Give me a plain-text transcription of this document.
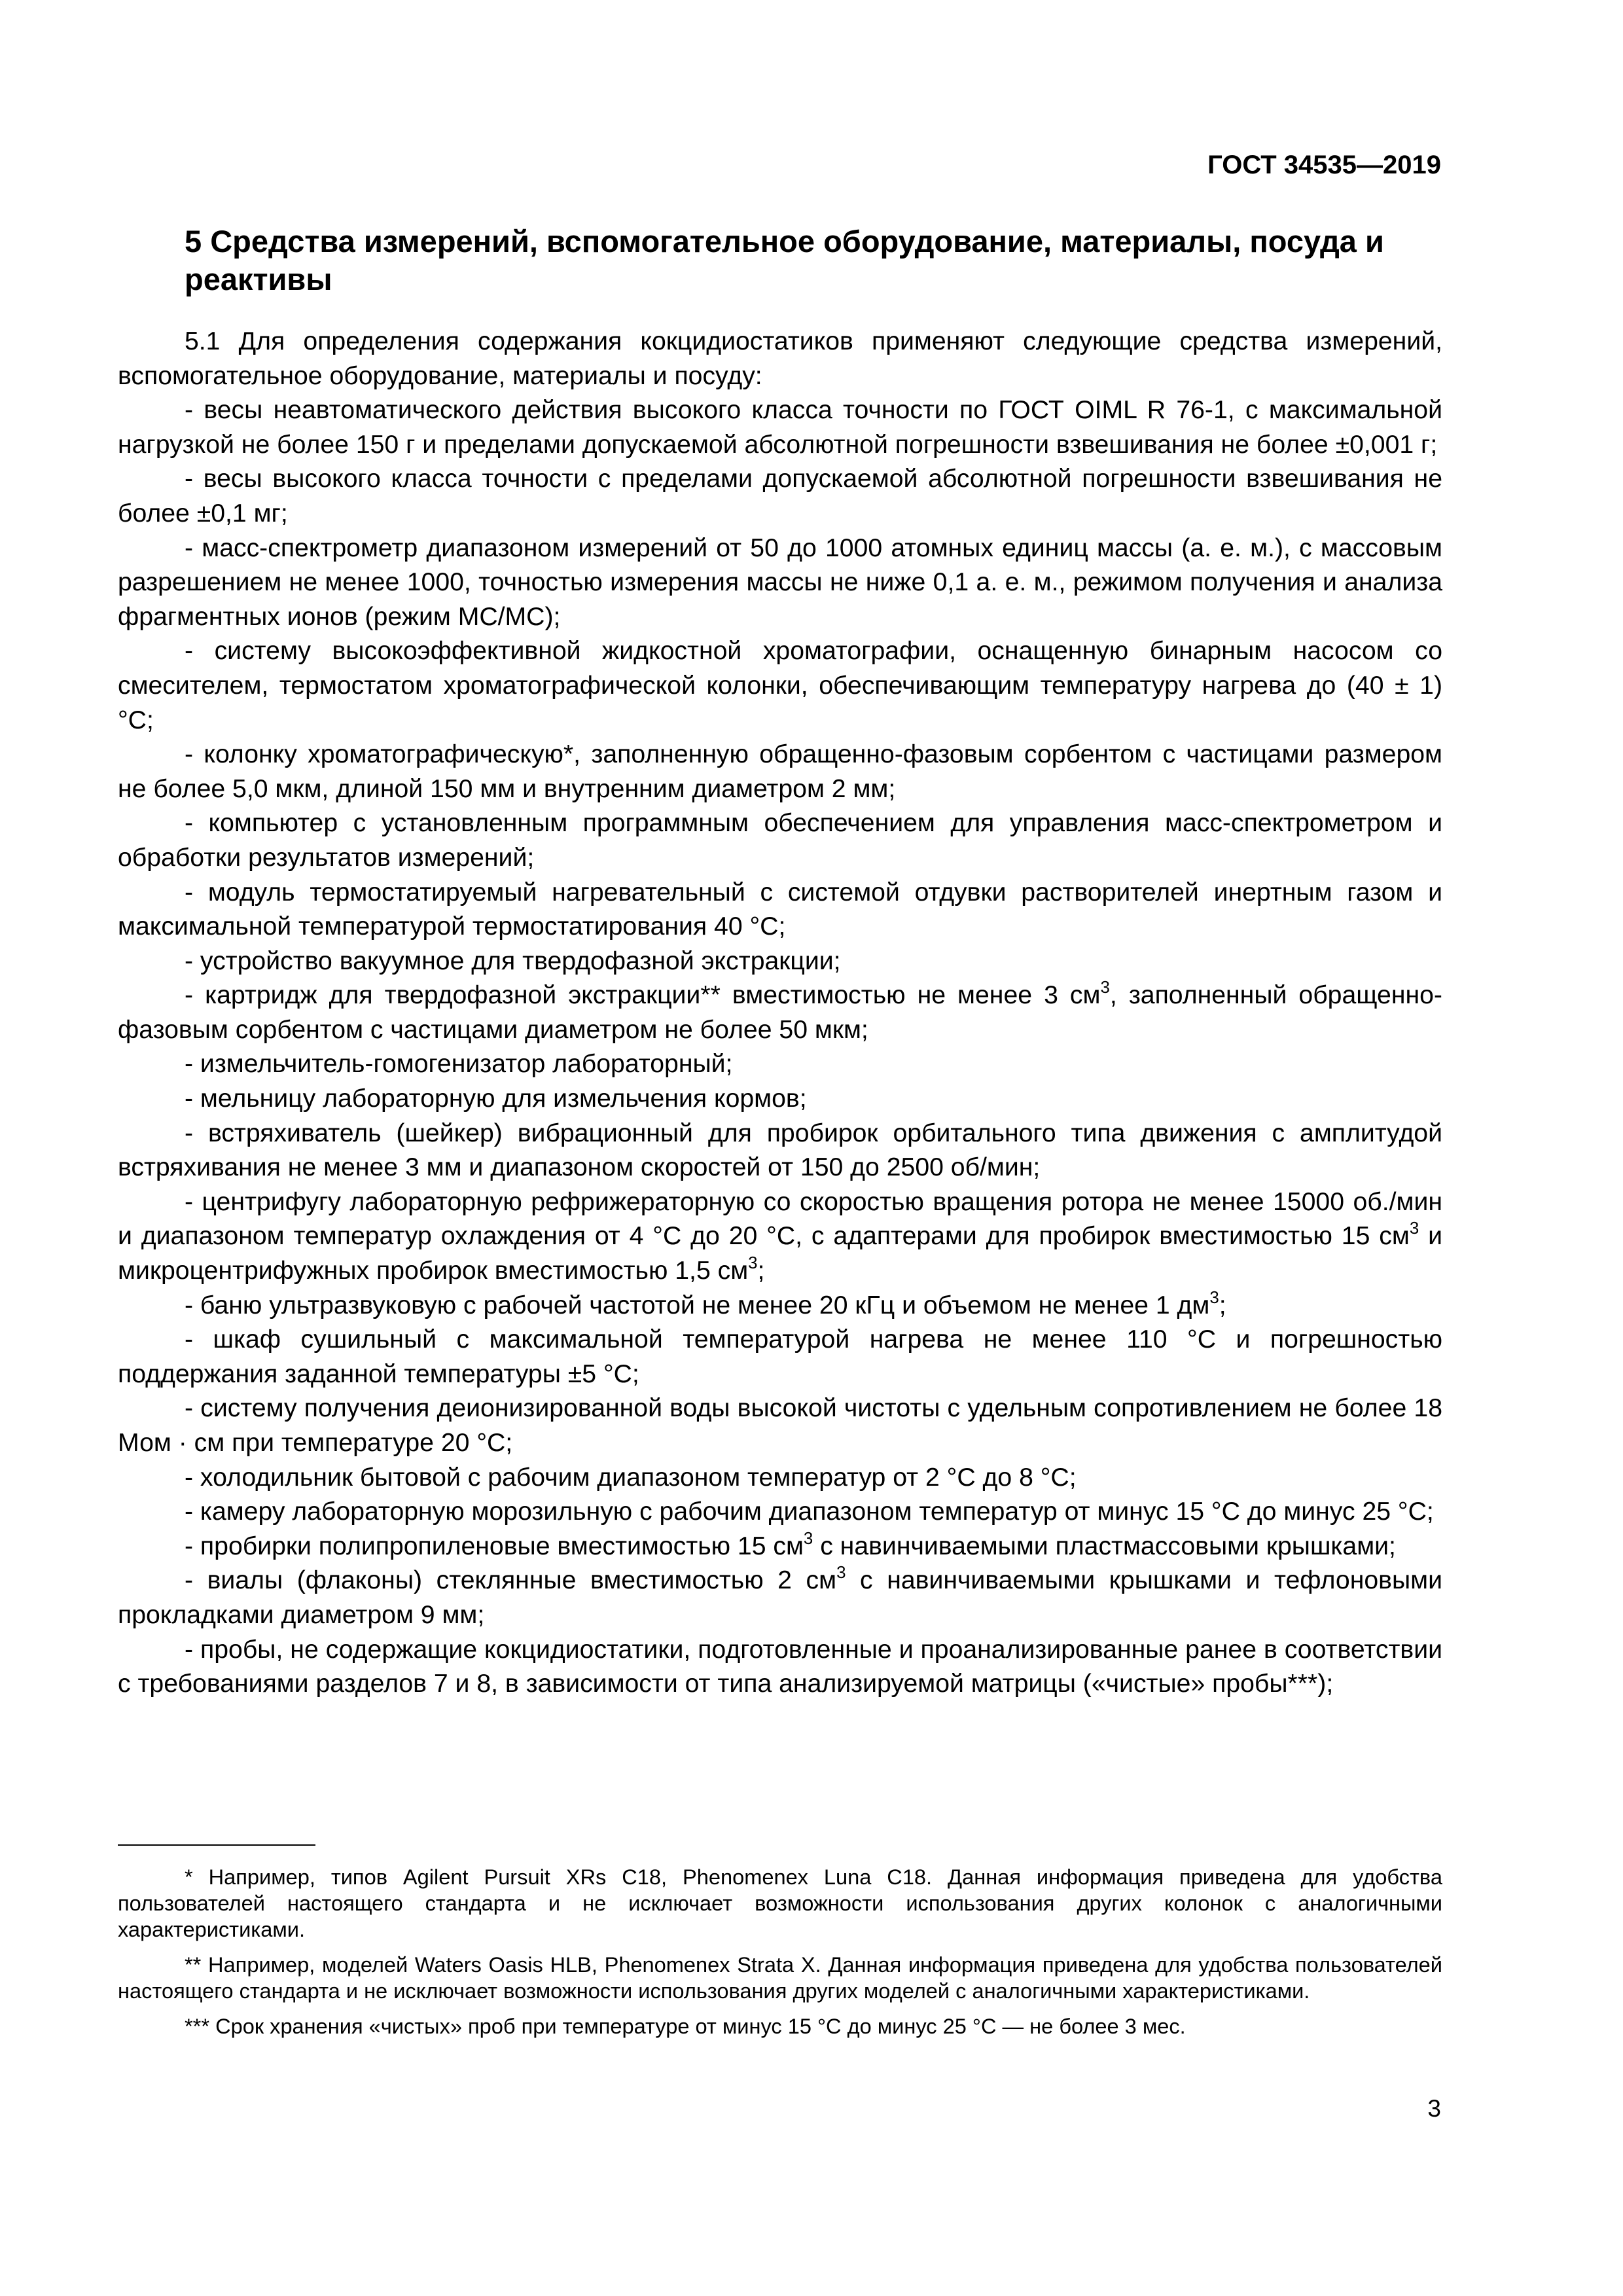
ГОСТ 34535—2019
5 Средства измерений, вспомогательное оборудование, материалы, посуда и реактивы

5.1 Для определения содержания кокцидиостатиков применяют следующие средства измерений, вспомогательное оборудование, материалы и посуду:

- весы неавтоматического действия высокого класса точности по ГОСТ OIML R 76-1, с максимальной нагрузкой не более 150 г и пределами допускаемой абсолютной погрешности взвешивания не более ±0,001 г;

- весы высокого класса точности с пределами допускаемой абсолютной погрешности взвешивания не более ±0,1 мг;

- масс-спектрометр диапазоном измерений от 50 до 1000 атомных единиц массы (а. е. м.), с массовым разрешением не менее 1000, точностью измерения массы не ниже 0,1 а. е. м., режимом получения и анализа фрагментных ионов (режим МС/МС);

- систему высокоэффективной жидкостной хроматографии, оснащенную бинарным насосом со смесителем, термостатом хроматографической колонки, обеспечивающим температуру нагрева до (40 ± 1) °С;

- колонку хроматографическую*, заполненную обращенно-фазовым сорбентом с частицами размером не более 5,0 мкм, длиной 150 мм и внутренним диаметром 2 мм;

- компьютер с установленным программным обеспечением для управления масс-спектрометром и обработки результатов измерений;

- модуль термостатируемый нагревательный с системой отдувки растворителей инертным газом и максимальной температурой термостатирования 40 °С;

- устройство вакуумное для твердофазной экстракции;

- картридж для твердофазной экстракции** вместимостью не менее 3 $см^3$, заполненный обращенно-фазовым сорбентом с частицами диаметром не более 50 мкм;

- измельчитель-гомогенизатор лабораторный;

- мельницу лабораторную для измельчения кормов;

- встряхиватель (шейкер) вибрационный для пробирок орбитального типа движения с амплитудой встряхивания не менее 3 мм и диапазоном скоростей от 150 до 2500 об/мин;

- центрифугу лабораторную рефрижераторную со скоростью вращения ротора не менее 15000 об./мин и диапазоном температур охлаждения от 4 °С до 20 °С, с адаптерами для пробирок вместимостью 15 $см^3$ и микроцентрифужных пробирок вместимостью 1,5 $см^3$;

- баню ультразвуковую с рабочей частотой не менее 20 кГц и объемом не менее 1 $дм^3$;

- шкаф сушильный с максимальной температурой нагрева не менее 110 °С и погрешностью поддержания заданной температуры ±5 °С;

- систему получения деионизированной воды высокой чистоты с удельным сопротивлением не более 18 Мом · см при температуре 20 °С;

- холодильник бытовой с рабочим диапазоном температур от 2 °С до 8 °С;

- камеру лабораторную морозильную с рабочим диапазоном температур от минус 15 °С до минус 25 °С;

- пробирки полипропиленовые вместимостью 15 $см^3$ с навинчиваемыми пластмассовыми крышками;

- виалы (флаконы) стеклянные вместимостью 2 $см^3$ с навинчиваемыми крышками и тефлоновыми прокладками диаметром 9 мм;

- пробы, не содержащие кокцидиостатики, подготовленные и проанализированные ранее в соответствии с требованиями разделов 7 и 8, в зависимости от типа анализируемой матрицы («чистые» пробы***);

* Например, типов Agilent Pursuit XRs C18, Phenomenex Luna C18. Данная информация приведена для удобства пользователей настоящего стандарта и не исключает возможности использования других колонок с аналогичными характеристиками.

** Например, моделей Waters Oasis HLB, Phenomenex Strata X. Данная информация приведена для удобства пользователей настоящего стандарта и не исключает возможности использования других моделей с аналогичными характеристиками.

*** Срок хранения «чистых» проб при температуре от минус 15 °С до минус 25 °С — не более 3 мес.

3
